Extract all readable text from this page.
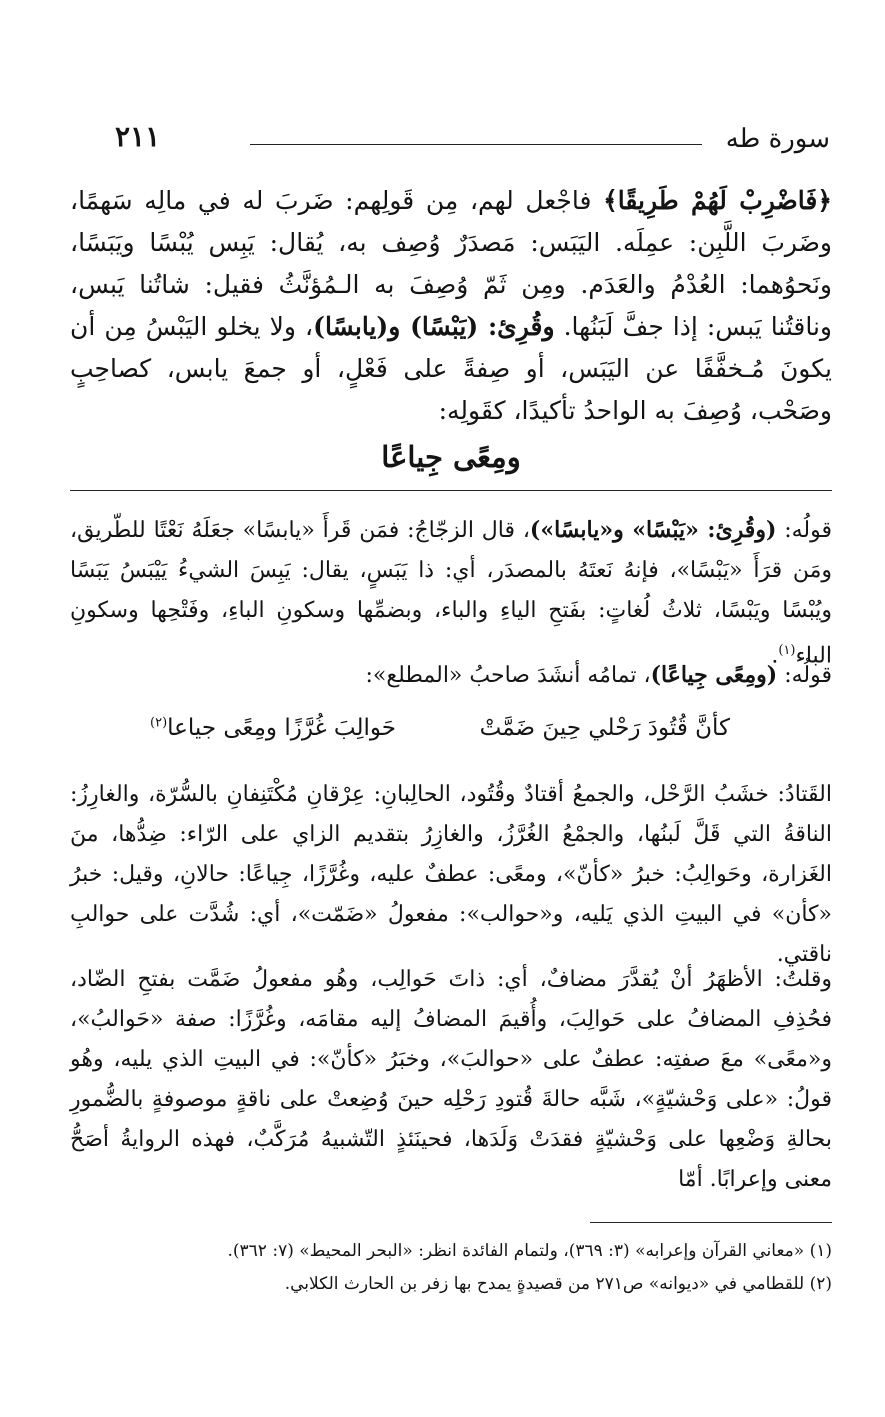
سورة طه
٢١١
﴿فَاضْرِبْ لَهُمْ طَرِيقًا﴾ فاجْعل لهم، مِن قَولِهم: ضَربَ له في مالِه سَهمًا، وضَربَ اللَّبِن: عمِلَه. اليَبَس: مَصدَرٌ وُصِف به، يُقال: يَبِس يُبْسًا ويَبَسًا، ونَحوُهما: العُدْمُ والعَدَم. ومِن ثَمّ وُصِفَ به الـمُؤنَّثُ فقيل: شاتُنا يَبس، وناقتُنا يَبس: إذا جفَّ لَبَنُها. وقُرِئ: (يَبْسًا) و(يابسًا)، ولا يخلو اليَبْسُ مِن أن يكونَ مُـخفَّفًا عن اليَبَس، أو صِفةً على فَعْلٍ، أو جمعَ يابس، كصاحِبٍ وصَحْب، وُصِفَ به الواحدُ تأكيدًا، كقَولِه:
ومِعًى جِياعًا
قولُه: (وقُرِئ: «يَبْسًا» و«يابسًا»)، قال الزجّاجُ: فمَن قَرأَ «يابسًا» جعَلَهُ نَعْتًا للطّريق، ومَن قرَأَ «يَبْسًا»، فإنهُ نَعتَهُ بالمصدَر، أي: ذا يَبَسٍ، يقال: يَبِسَ الشيءُ يَيْبَسُ يَبَسًا ويُبْسًا ويَبْسًا، ثلاثُ لُغاتٍ: بفَتحِ الياءِ والباء، وبضمِّها وسكونِ الباءِ، وفَتْحِها وسكونِ الباء$^{(١)}$.
قولُه: (ومِعًى جِياعًا)، تمامُه أنشَدَ صاحبُ «المطلع»:
كأنَّ قُتُودَ رَحْلي حِينَ ضَمَّتْ
حَوالِبَ غُرَّزًا ومِعًى جياعا$^{(٢)}$
القَتادُ: خشَبُ الرَّحْل، والجمعُ أقتادٌ وقُتُود، الحالِبانِ: عِرْقانِ مُكْتَنِفانِ بالسُّرّة، والغارِزُ: الناقةُ التي قَلَّ لَبنُها، والجمْعُ الغُرَّزُ، والغازِرُ بتقديم الزاي على الرّاء: ضِدُّها، منَ الغَزارة، وحَوالِبُ: خبرُ «كأنّ»، ومعًى: عطفٌ عليه، وغُرَّزًا، جِياعًا: حالانِ، وقيل: خبرُ «كأن» في البيتِ الذي يَليه، و«حوالب»: مفعولُ «ضَمّت»، أي: شُدَّت على حوالبِ ناقتي.
وقلتُ: الأظهَرُ أنْ يُقدَّرَ مضافٌ، أي: ذاتَ حَوالِب، وهُو مفعولُ ضَمَّت بفتحِ الضّاد، فحُذِفِ المضافُ على حَوالِبَ، وأُقيمَ المضافُ إليه مقامَه، وغُرَّزًا: صفة «حَوالبُ»، و«معًى» معَ صفتِه: عطفٌ على «حوالبَ»، وخبَرُ «كأنّ»: في البيتِ الذي يليه، وهُو قولُ: «على وَحْشيّةٍ»، شَبَّه حالةَ قُتودِ رَحْلِه حينَ وُضِعتْ على ناقةٍ موصوفةٍ بالضُّمورِ بحالةِ وَضْعِها على وَحْشيّةٍ فقدَتْ وَلَدَها، فحينَئذٍ التّشبيهُ مُرَكَّبٌ، فهذه الروايةُ أصَحُّ معنى وإعرابًا. أمّا
(١) «معاني القرآن وإعرابه» (٣: ٣٦٩)، ولتمام الفائدة انظر: «البحر المحيط» (٧: ٣٦٢).
(٢) للقطامي في «ديوانه» ص٢٧١ من قصيدةٍ يمدح بها زفر بن الحارث الكلابي.
